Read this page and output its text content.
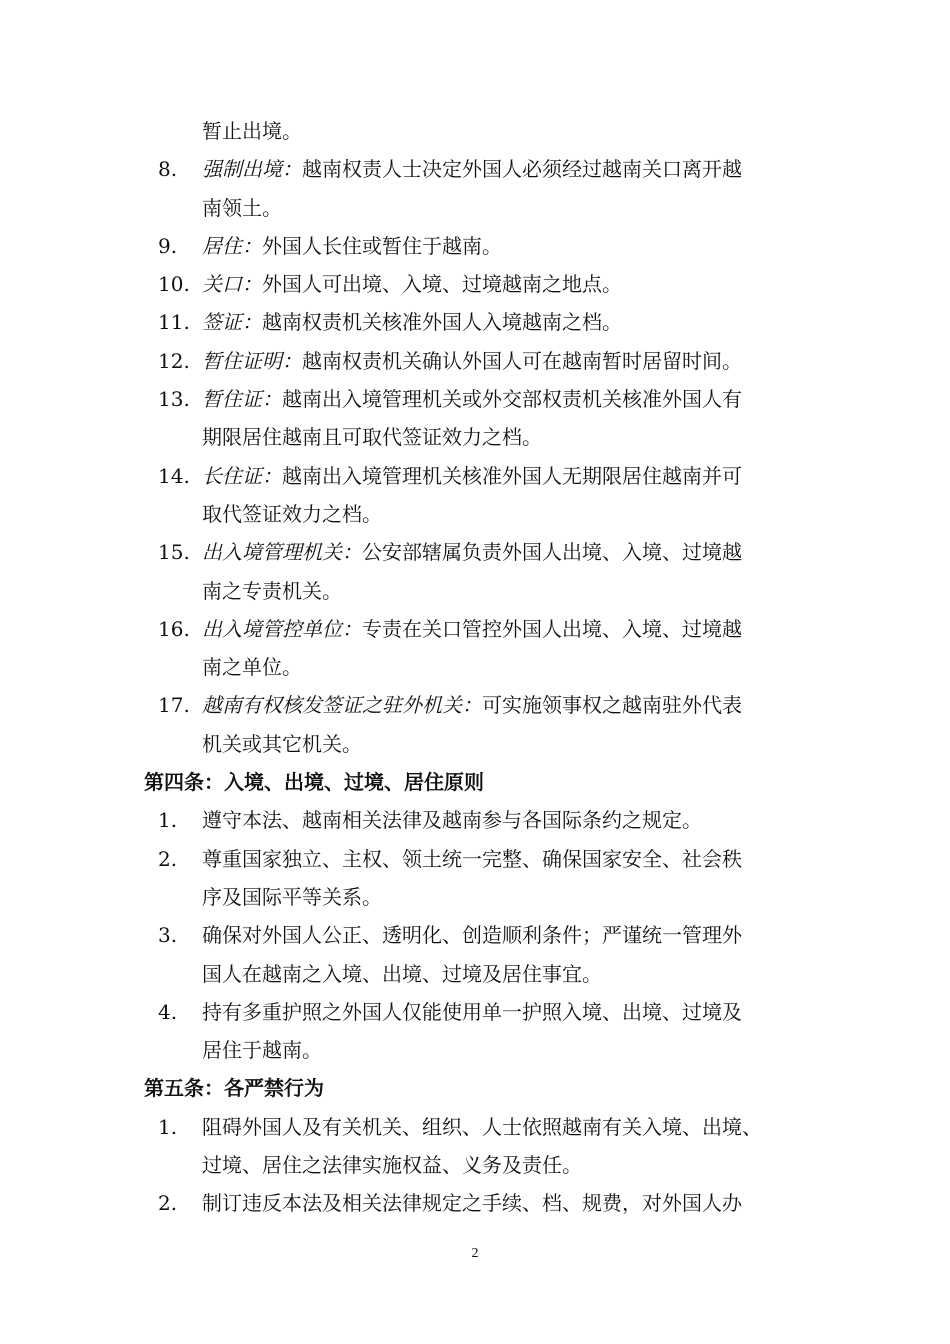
暂止出境。
8.	强制出境：越南权责人士决定外国人必须经过越南关口离开越
南领土。
9.	居住：外国人长住或暂住于越南。
10. 关口：外国人可出境、入境、过境越南之地点。
11. 签证：越南权责机关核准外国人入境越南之档。
12. 暂住证明：越南权责机关确认外国人可在越南暂时居留时间。
13. 暂住证：越南出入境管理机关或外交部权责机关核准外国人有
期限居住越南且可取代签证效力之档。
14. 长住证：越南出入境管理机关核准外国人无期限居住越南并可
取代签证效力之档。
15. 出入境管理机关：公安部辖属负责外国人出境、入境、过境越
南之专责机关。
16. 出入境管控单位：专责在关口管控外国人出境、入境、过境越
南之单位。
17. 越南有权核发签证之驻外机关：可实施领事权之越南驻外代表
机关或其它机关。
第四条：入境、出境、过境、居住原则
1.	遵守本法、越南相关法律及越南参与各国际条约之规定。
2.	尊重国家独立、主权、领土统一完整、确保国家安全、社会秩
序及国际平等关系。
3.	确保对外国人公正、透明化、创造顺利条件；严谨统一管理外
国人在越南之入境、出境、过境及居住事宜。
4.	持有多重护照之外国人仅能使用单一护照入境、出境、过境及
居住于越南。
第五条：各严禁行为
1.	阻碍外国人及有关机关、组织、人士依照越南有关入境、出境、
过境、居住之法律实施权益、义务及责任。
2.	制订违反本法及相关法律规定之手续、档、规费，对外国人办
2
